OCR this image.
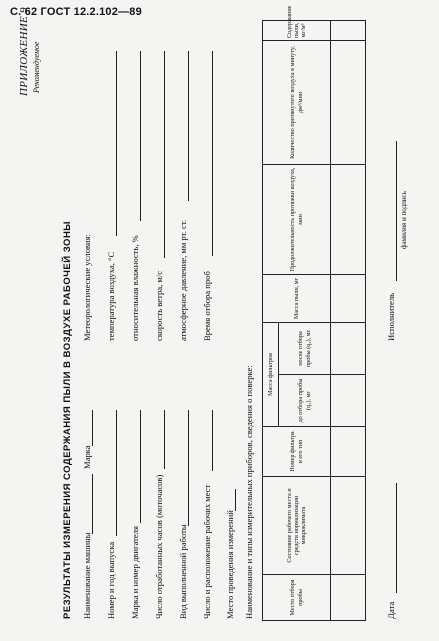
С. 62 ГОСТ 12.2.102—89
ПРИЛОЖЕНИЕ 9 Рекомендуемое
РЕЗУЛЬТАТЫ ИЗМЕРЕНИЯ СОДЕРЖАНИЯ ПЫЛИ В ВОЗДУХЕ РАБОЧЕЙ ЗОНЫ Наименование машины
Марка
Номер и год выпуска Марка и номер двигателя Число отработанных часов (моточасов) Вид выполненной работы Число и расположение рабочих мест Место проведения измерений
Метеорологические условия: температура воздуха, °С относительная влажность, % скорость ветра, м/с атмосферное давление, мм рт. ст. Время отбора проб
Наименование и типы измерительных приборов, сведения о поверке:	Место отбора пробы	Состояние рабочего места и средств нормализации микроклимата	Номер фильтра и его тип	Масса фильтров		Масса пыли, мг	Продолжительность протяжки воздуха, мин	Количество протянутого воздуха в минуту, дм³/мин	Содержание пыли, мг/м³
			до отбора пробы (q₁), мг	после отбора пробы (q₂), мг				

Дата
Исполнитель
фамилия и подпись
